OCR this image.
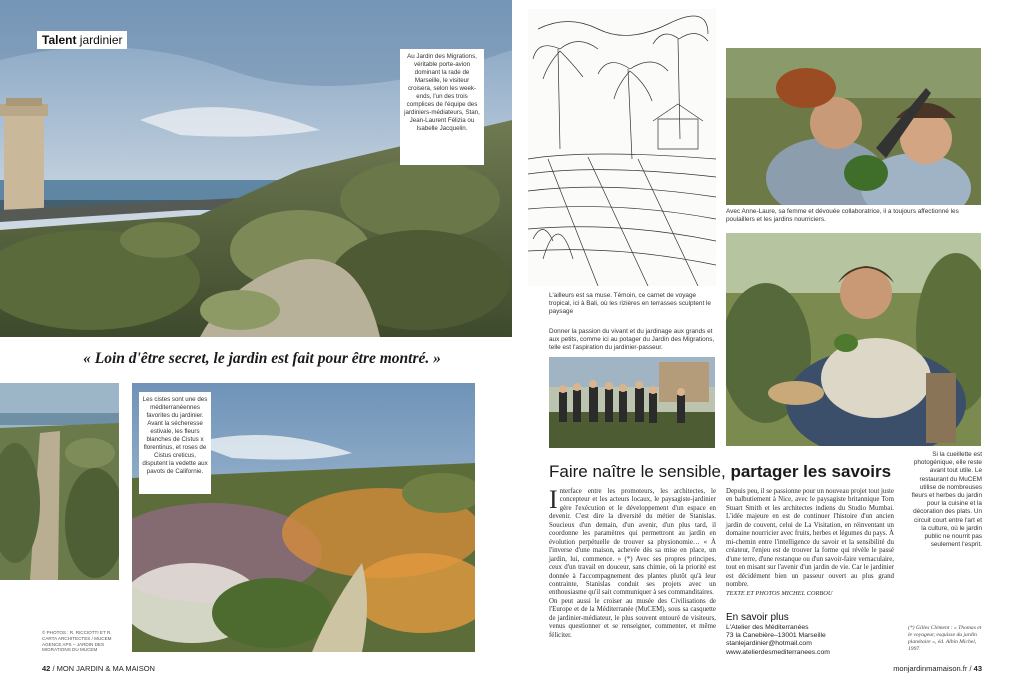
Talent jardinier
Au Jardin des Migrations, véritable porte-avion dominant la rade de Marseille, le visiteur croisera, selon les week-ends, l'un des trois complices de l'équipe des jardiniers-médiateurs, Stan, Jean-Laurent Félizia ou Isabelle Jacquelin.
« Loin d'être secret, le jardin est fait pour être montré. »
Les cistes sont une des méditerranéennes favorites du jardinier. Avant la sécheresse estivale, les fleurs blanches de Cistus x florentinus, et roses de Cistus creticus, disputent la vedette aux pavots de Californie.
© PHOTOS : R. RICCIOTTI ET R. CARTA ARCHITECTES / MUCEM AGENCE APS – JARDIN DES MIGRATIONS DU MUCEM
42 / MON JARDIN & MA MAISON
L'ailleurs est sa muse. Témoin, ce carnet de voyage tropical, ici à Bali, où les rizières en terrasses sculptent le paysage
Donner la passion du vivant et du jardinage aux grands et aux petits, comme ici au potager du Jardin des Migrations, telle est l'aspiration du jardinier-passeur.
Avec Anne-Laure, sa femme et dévouée collaboratrice, il a toujours affectionné les poulaillers et les jardins nourriciers.
Si la cueillette est photogénique, elle reste avant tout utile. Le restaurant du MuCEM utilise de nombreuses fleurs et herbes du jardin pour la cuisine et la décoration des plats. Un circuit court entre l'art et la culture, où le jardin public ne nourrit pas seulement l'esprit.
Faire naître le sensible, partager les savoirs

Interface entre les promoteurs, les architectes, le concepteur et les acteurs locaux, le paysagiste-jardinier gère l'exécution et le développement d'un espace en devenir. C'est dire la diversité du métier de Stanislas. Soucieux d'un demain, d'un avenir, d'un plus tard, il coordonne les paramètres qui permettront au jardin en évolution perpétuelle de trouver sa physionomie… « À l'inverse d'une maison, achevée dès sa mise en place, un jardin, lui, commence. » (*) Avec ses propres principes, ceux d'un travail en douceur, sans chimie, où la priorité est donnée à l'accompagnement des plantes plutôt qu'à leur contrainte, Stanislas conduit ses projets avec un enthousiasme qu'il sait communiquer à ses commanditaires.

On peut aussi le croiser au musée des Civilisations de l'Europe et de la Méditerranée (MuCEM), sous sa casquette de jardinier-médiateur, le plus souvent entouré de visiteurs, venus questionner et se renseigner, commenter, et même féliciter.

Depuis peu, il se passionne pour un nouveau projet tout juste en balbutiement à Nice, avec le paysagiste britannique Tom Stuart Smith et les architectes indiens du Studio Mumbai. L'idée majeure en est de continuer l'histoire d'un ancien jardin de couvent, celui de La Visitation, en réinventant un domaine nourricier avec fruits, herbes et légumes du pays. À mi-chemin entre l'intelligence du savoir et la sensibilité du créateur, l'enjeu est de trouver la forme qui révèle le passé d'une terre, d'une restanque ou d'un savoir-faire vernaculaire, tout en misant sur l'avenir d'un jardin de vie. Car le jardinier est décidément bien un passeur ouvert au plus grand nombre.

TEXTE ET PHOTOS MICHEL CORBOU

En savoir plus
L'Atelier des Méditerranées
73 la Canebière–13001 Marseille
stanlejardinier@hotmail.com
www.atelierdesmediterranees.com
(*) Gilles Clément : « Thomas et le voyageur, esquisse du jardin planétaire », éd. Albin Michel, 1997.
monjardinmamaison.fr / 43
